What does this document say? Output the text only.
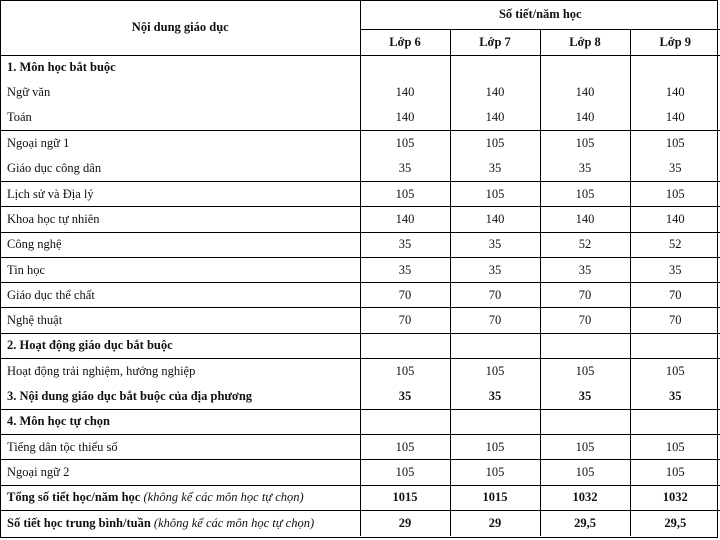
Nội dung giáo dục	Số tiết/năm học			
	Lớp 6	Lớp 7	Lớp 8	Lớp 9
1. Môn học bắt buộc				
Ngữ văn	140	140	140	140
Toán	140	140	140	140
Ngoại ngữ 1	105	105	105	105
Giáo dục công dân	35	35	35	35
Lịch sử và Địa lý	105	105	105	105
Khoa học tự nhiên	140	140	140	140
Công nghệ	35	35	52	52
Tin học	35	35	35	35
Giáo dục thể chất	70	70	70	70
Nghệ thuật	70	70	70	70
2. Hoạt động giáo dục bắt buộc				
Hoạt động trải nghiệm, hướng nghiệp	105	105	105	105
3. Nội dung giáo dục bắt buộc của địa phương	35	35	35	35
4. Môn học tự chọn				
Tiếng dân tộc thiểu số	105	105	105	105
Ngoại ngữ 2	105	105	105	105
Tổng số tiết học/năm học (không kể các môn học tự chọn)	1015	1015	1032	1032
Số tiết học trung bình/tuần (không kể các môn học tự chọn)	29	29	29,5	29,5
